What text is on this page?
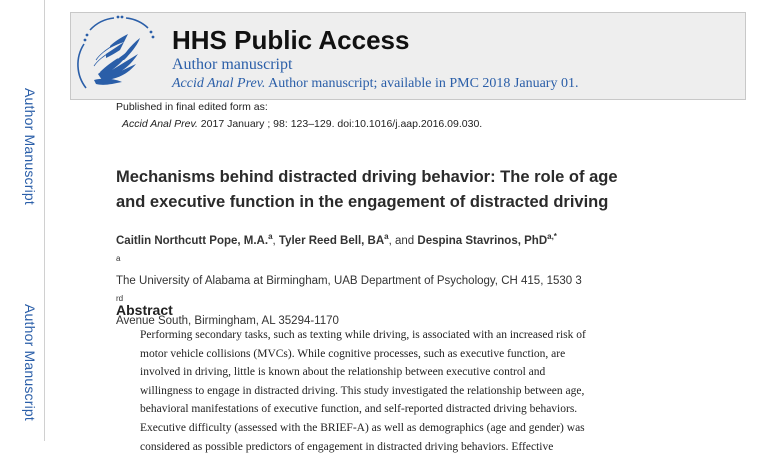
Author Manuscript
Author Manuscript
HHS Public Access
Author manuscript
Accid Anal Prev. Author manuscript; available in PMC 2018 January 01.
Published in final edited form as:
Accid Anal Prev. 2017 January ; 98: 123–129. doi:10.1016/j.aap.2016.09.030.
Mechanisms behind distracted driving behavior: The role of age
and executive function in the engagement of distracted driving
Caitlin Northcutt Pope, M.A.$^a$, Tyler Reed Bell, $BA^a$, and Despina Stavrinos, PhD$^{a,*}$
$^a$
The University of Alabama at Birmingham, UAB Department of Psychology, CH 415, 1530 3
$^{rd}$
Avenue South, Birmingham, AL 35294-1170
Abstract
Performing secondary tasks, such as texting while driving, is associated with an increased risk of
motor vehicle collisions (MVCs). While cognitive processes, such as executive function, are
involved in driving, little is known about the relationship between executive control and
willingness to engage in distracted driving. This study investigated the relationship between age,
behavioral manifestations of executive function, and self-reported distracted driving behaviors.
Executive difficulty (assessed with the BRIEF-A) as well as demographics (age and gender) was
considered as possible predictors of engagement in distracted driving behaviors. Effective
